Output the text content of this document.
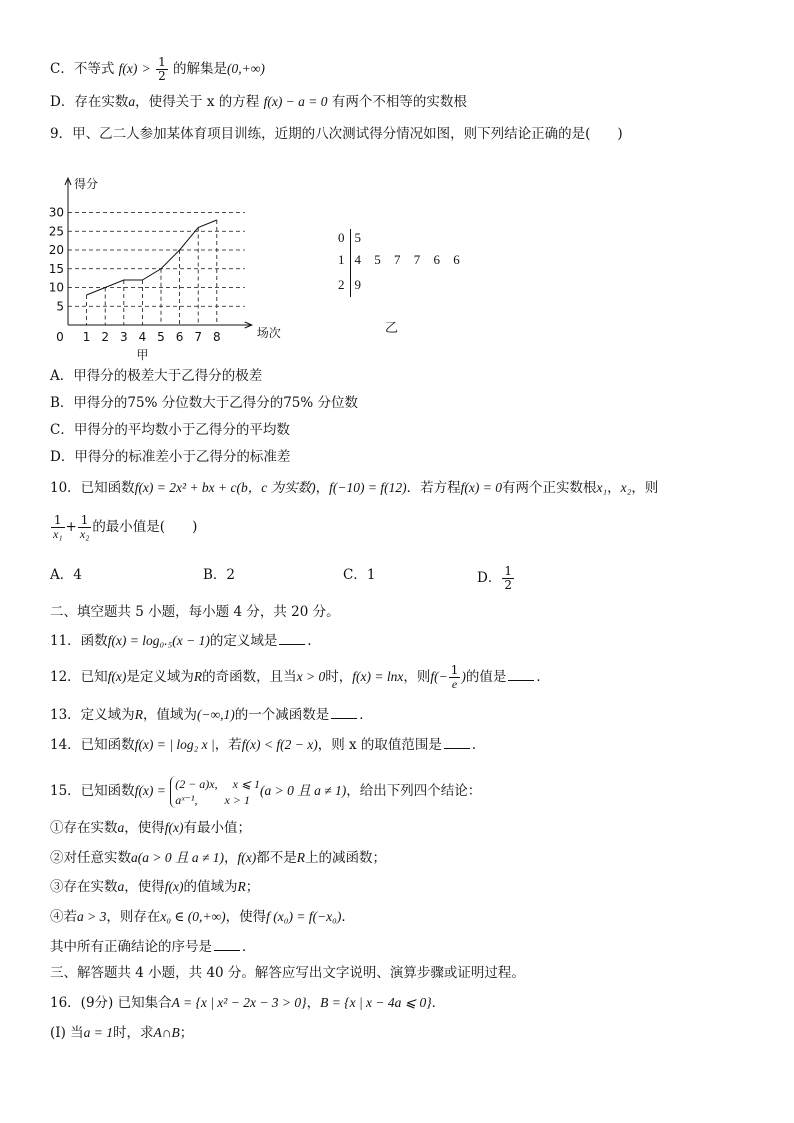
C．不等式 $f(x) > \frac{1}{2}$ 的解集是(0,+∞)
D．存在实数a，使得关于 x 的方程 f(x) − a = 0 有两个不相等的实数根
9．甲、乙二人参加某体育项目训练，近期的八次测试得分情况如图，则下列结论正确的是(　　)
5
10
15
20
25
30
0 1 2 3 4 5 6 7 8
得分
场次
甲
0 5
1 4 5 7 7 6 6
2 9
乙
A．甲得分的极差大于乙得分的极差
B．甲得分的75% 分位数大于乙得分的75% 分位数
C．甲得分的平均数小于乙得分的平均数
D．甲得分的标准差小于乙得分的标准差
10．已知函数f(x) = 2x² + bx + c(b，c 为实数)，f(−10) = f(12)．若方程f(x) = 0有两个正实数根x₁，x₂，则
$\frac{1}{\text{x₁}} + \frac{1}{\text{x₂}}$ 的最小值是(　　)
A．4	B．2	C．1	D． $\frac{1}{2}$
二、填空题共 5 小题，每小题 4 分，共 20 分。
11．函数f(x) = log₀.₅(x − 1)的定义域是 ．
12．已知f(x)是定义域为R的奇函数，且当x > 0时，f(x) = lnx，则$f(- \frac{1}{e}$ )的值是 ．
13．定义域为R，值域为(−∞,1)的一个减函数是 ．
14．已知函数f(x) = | log₂ x |，若f(x) < f(2 − x)，则 x 的取值范围是 ．
15．已知函数f(x) = (2 − a)x,　 x ⩽ 1
aˣ⁻¹,　　 x > 1
(a > 0 且 a ≠ 1)，给出下列四个结论：
①存在实数a，使得f(x)有最小值；
②对任意实数a(a > 0 且 a ≠ 1)，f(x)都不是R上的减函数；
③存在实数a，使得f(x)的值域为R；
④若a > 3，则存在x₀ ∈ (0,+∞)，使得f (x₀) = f(−x₀)．
其中所有正确结论的序号是 ．
三、解答题共 4 小题，共 40 分。解答应写出文字说明、演算步骤或证明过程。
16．(9分) 已知集合A = {x | x² − 2x − 3 > 0}，B = {x | x − 4a ⩽ 0}．
(Ⅰ) 当a = 1时，求A∩B；
